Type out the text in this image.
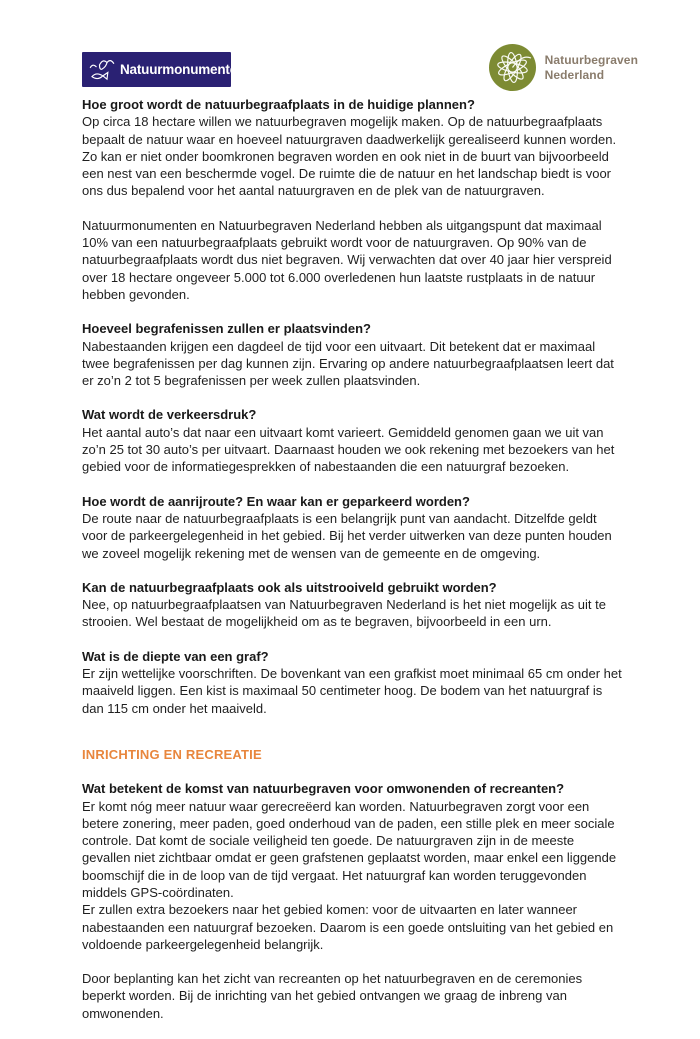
Natuurmonumenten
Natuurbegraven
Nederland
Hoe groot wordt de natuurbegraafplaats in de huidige plannen?

Op circa 18 hectare willen we natuurbegraven mogelijk maken. Op de natuurbegraafplaats bepaalt de natuur waar en hoeveel natuurgraven daadwerkelijk gerealiseerd kunnen worden. Zo kan er niet onder boomkronen begraven worden en ook niet in de buurt van bijvoorbeeld een nest van een beschermde vogel. De ruimte die de natuur en het landschap biedt is voor ons dus bepalend voor het aantal natuurgraven en de plek van de natuurgraven.

Natuurmonumenten en Natuurbegraven Nederland hebben als uitgangspunt dat maximaal 10% van een natuurbegraafplaats gebruikt wordt voor de natuurgraven. Op 90% van de natuurbegraafplaats wordt dus niet begraven. Wij verwachten dat over 40 jaar hier verspreid over 18 hectare ongeveer 5.000 tot 6.000 overledenen hun laatste rustplaats in de natuur hebben gevonden.

Hoeveel begrafenissen zullen er plaatsvinden?

Nabestaanden krijgen een dagdeel de tijd voor een uitvaart. Dit betekent dat er maximaal twee begrafenissen per dag kunnen zijn. Ervaring op andere natuurbegraafplaatsen leert dat er zo’n 2 tot 5 begrafenissen per week zullen plaatsvinden.

Wat wordt de verkeersdruk?

Het aantal auto’s dat naar een uitvaart komt varieert. Gemiddeld genomen gaan we uit van zo’n 25 tot 30 auto’s per uitvaart. Daarnaast houden we ook rekening met bezoekers van het gebied voor de informatiegesprekken of nabestaanden die een natuurgraf bezoeken.

Hoe wordt de aanrijroute? En waar kan er geparkeerd worden?

De route naar de natuurbegraafplaats is een belangrijk punt van aandacht. Ditzelfde geldt voor de parkeergelegenheid in het gebied. Bij het verder uitwerken van deze punten houden we zoveel mogelijk rekening met de wensen van de gemeente en de omgeving.

Kan de natuurbegraafplaats ook als uitstrooiveld gebruikt worden?

Nee, op natuurbegraafplaatsen van Natuurbegraven Nederland is het niet mogelijk as uit te strooien. Wel bestaat de mogelijkheid om as te begraven, bijvoorbeeld in een urn.

Wat is de diepte van een graf?

Er zijn wettelijke voorschriften. De bovenkant van een grafkist moet minimaal 65 cm onder het maaiveld liggen. Een kist is maximaal 50 centimeter hoog. De bodem van het natuurgraf is dan 115 cm onder het maaiveld.

INRICHTING EN RECREATIE
Wat betekent de komst van natuurbegraven voor omwonenden of recreanten?

Er komt nóg meer natuur waar gerecreëerd kan worden. Natuurbegraven zorgt voor een betere zonering, meer paden, goed onderhoud van de paden, een stille plek en meer sociale controle. Dat komt de sociale veiligheid ten goede. De natuurgraven zijn in de meeste gevallen niet zichtbaar omdat er geen grafstenen geplaatst worden, maar enkel een liggende boomschijf die in de loop van de tijd vergaat. Het natuurgraf kan worden teruggevonden middels GPS-coördinaten.

Er zullen extra bezoekers naar het gebied komen: voor de uitvaarten en later wanneer nabestaanden een natuurgraf bezoeken. Daarom is een goede ontsluiting van het gebied en voldoende parkeergelegenheid belangrijk.

Door beplanting kan het zicht van recreanten op het natuurbegraven en de ceremonies beperkt worden. Bij de inrichting van het gebied ontvangen we graag de inbreng van omwonenden.
